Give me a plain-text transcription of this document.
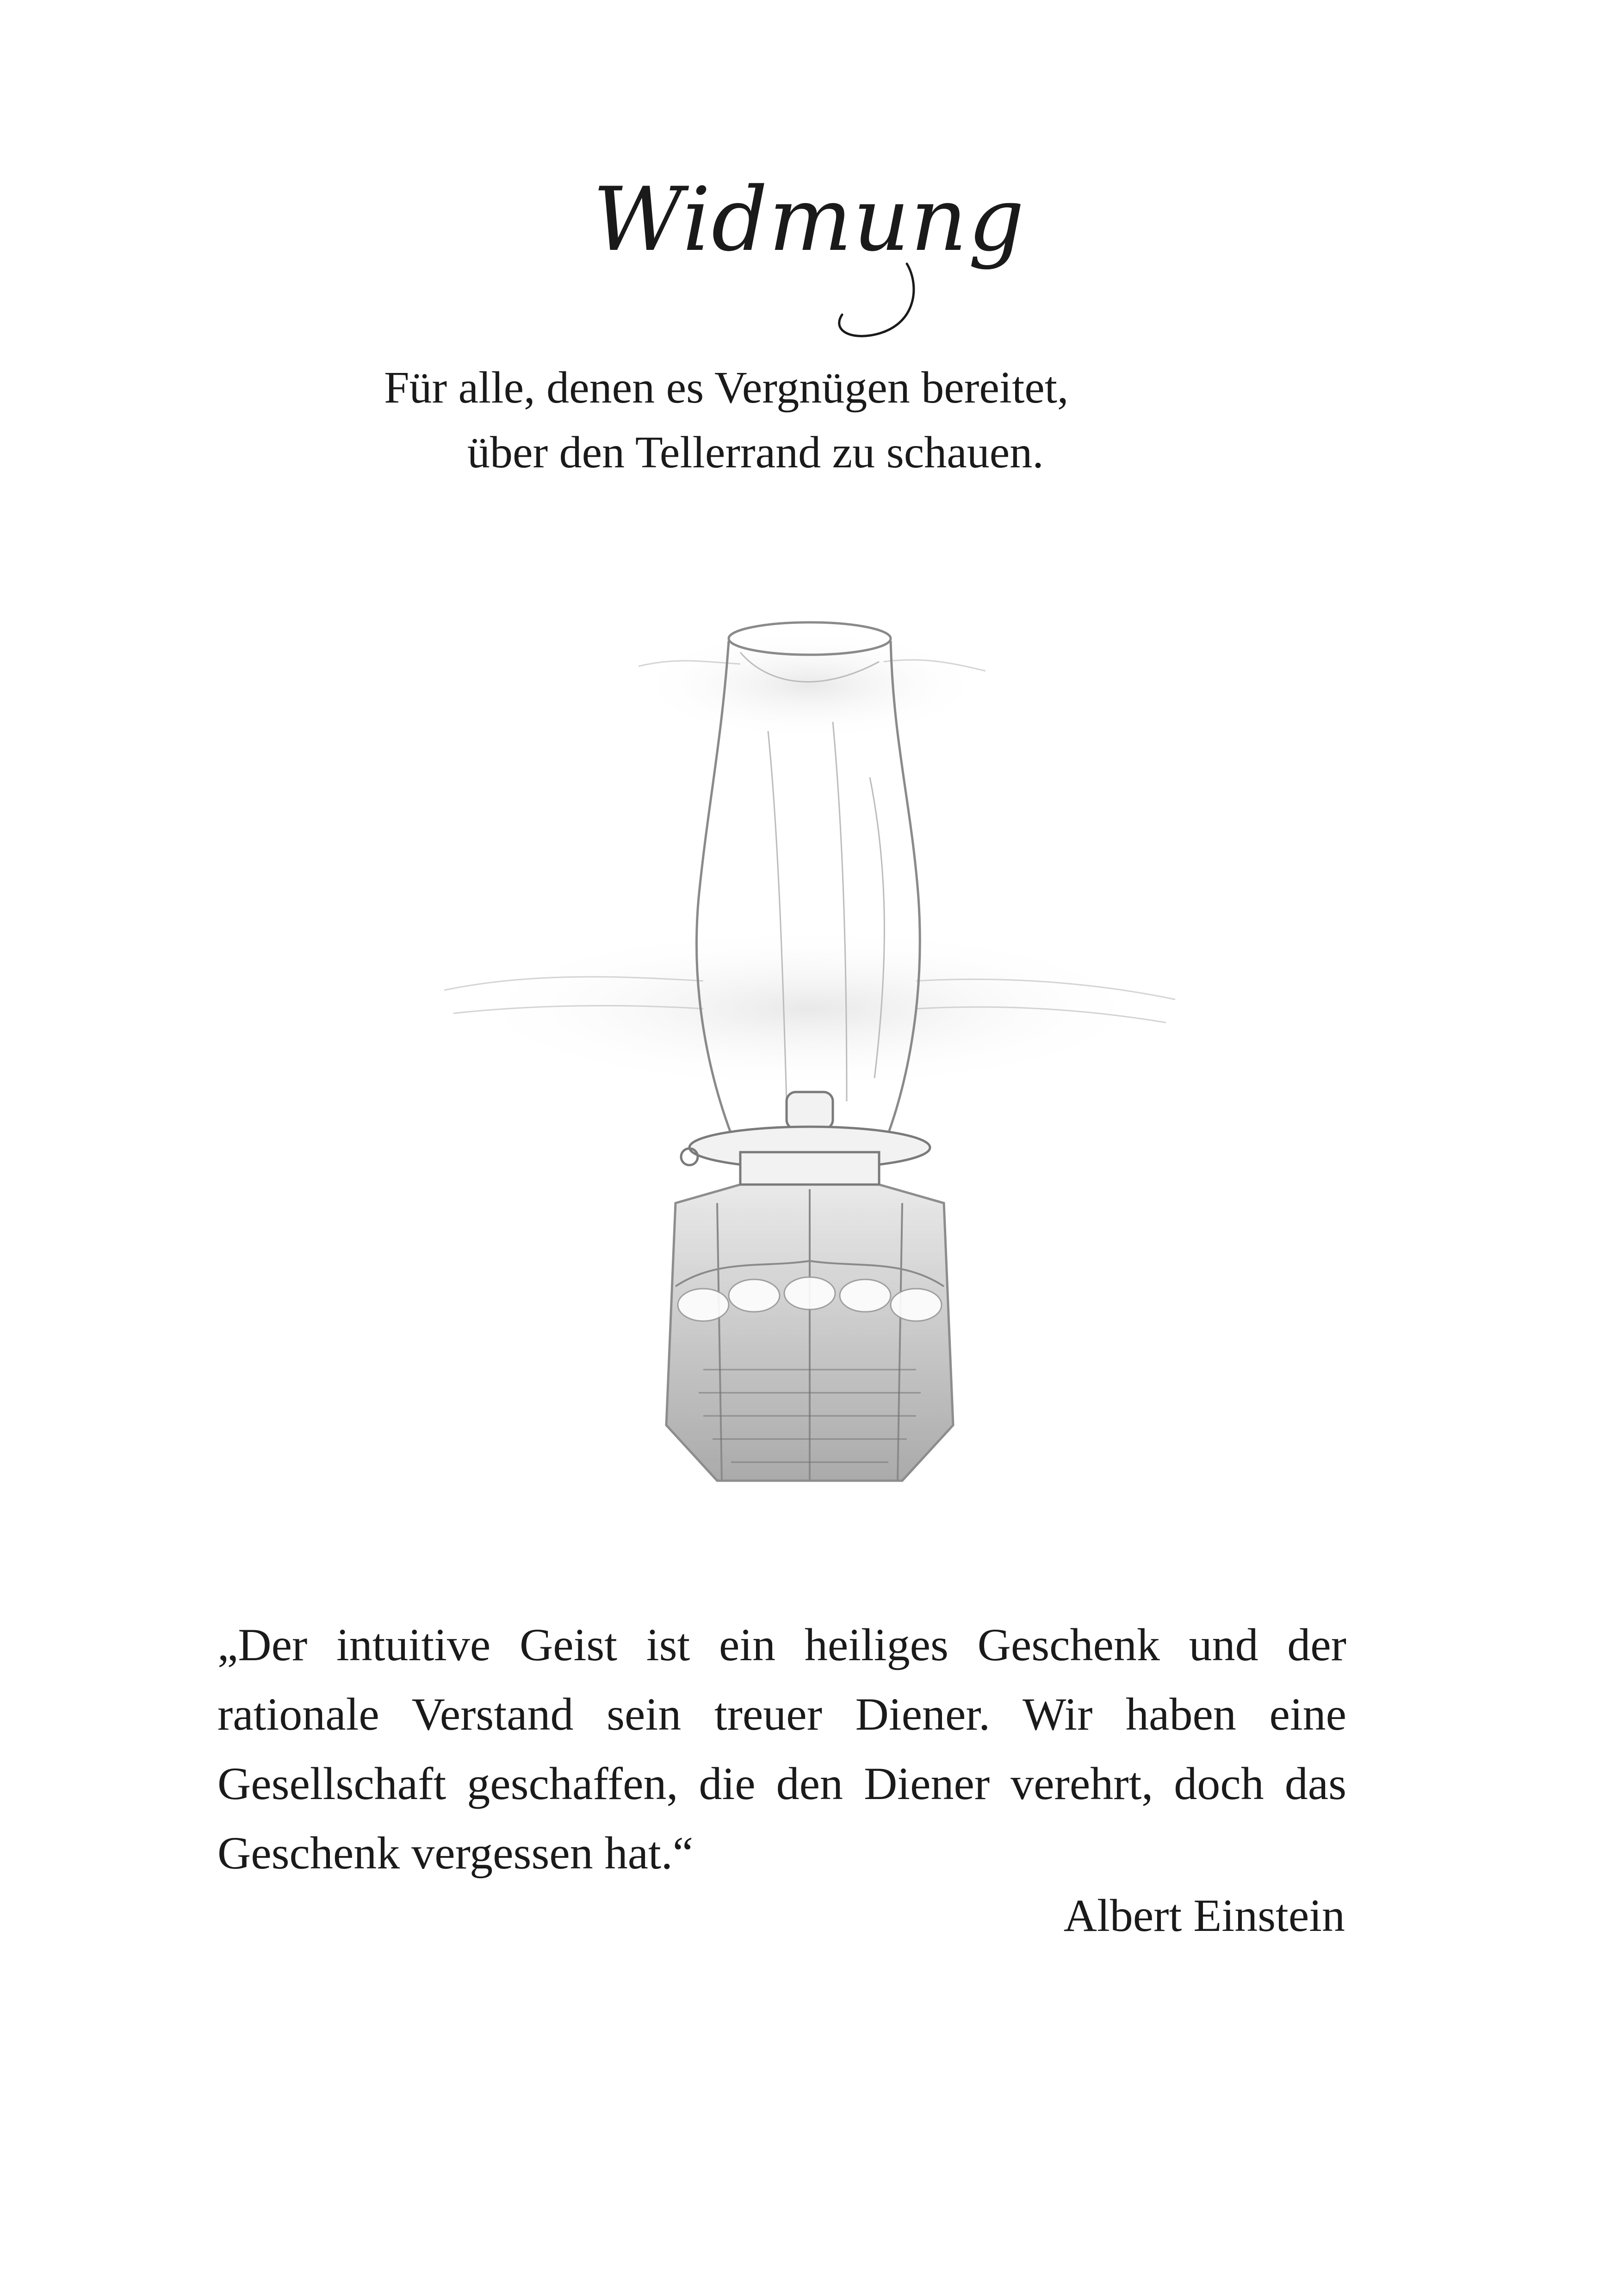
Widmung
Für alle, denen es Vergnügen bereitet,
über den Tellerrand zu schauen.
„Der intuitive Geist ist ein heiliges Geschenk und der rationale Verstand sein treuer Diener. Wir haben eine Gesellschaft geschaffen, die den Diener verehrt, doch das Geschenk vergessen hat.“
Albert Einstein
